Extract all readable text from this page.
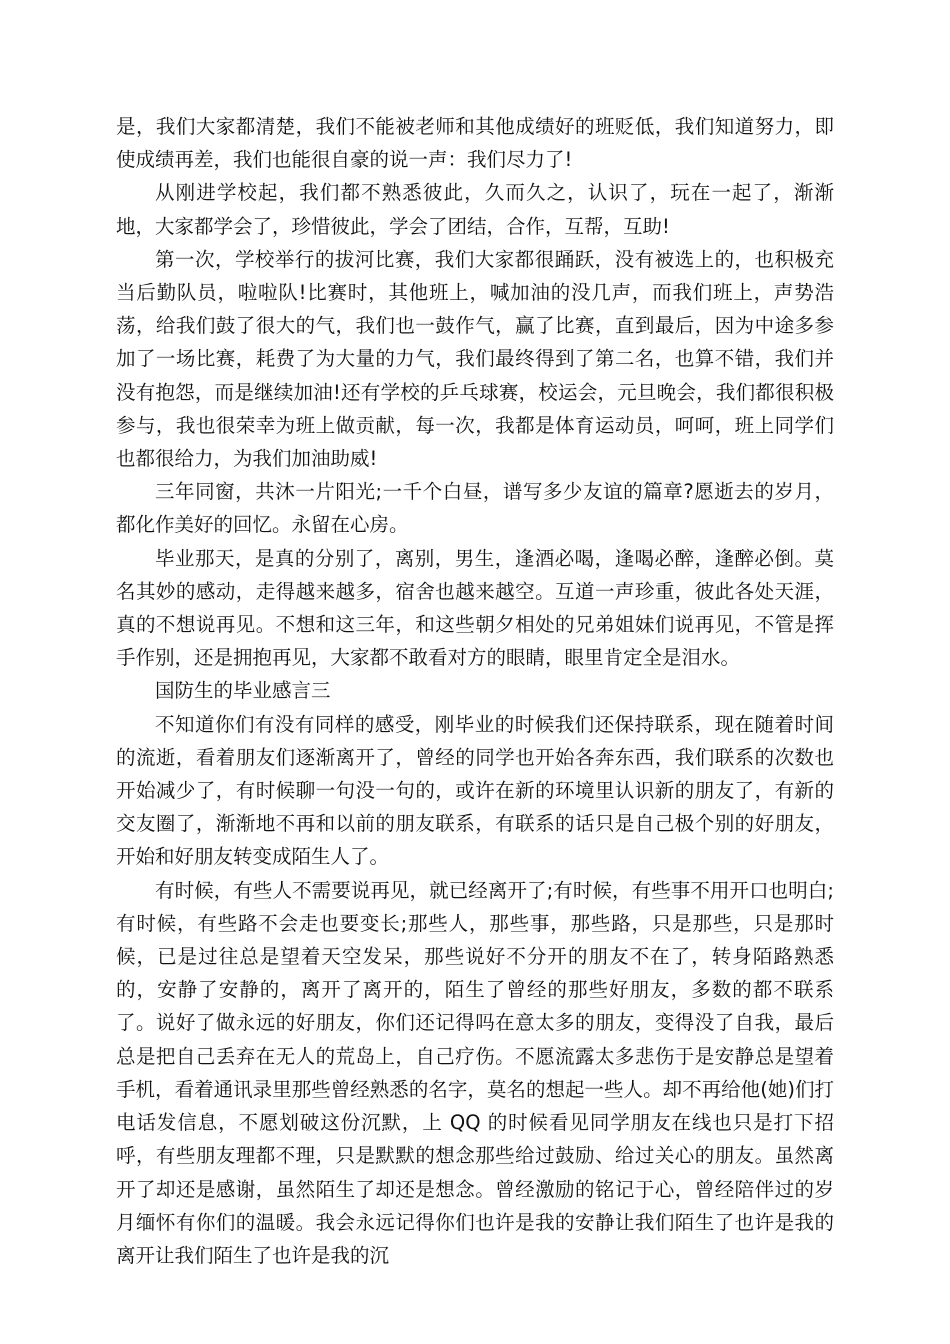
是，我们大家都清楚，我们不能被老师和其他成绩好的班贬低，我们知道努力，即使成绩再差，我们也能很自豪的说一声：我们尽力了!

从刚进学校起，我们都不熟悉彼此，久而久之，认识了，玩在一起了，渐渐地，大家都学会了，珍惜彼此，学会了团结，合作，互帮，互助!

第一次，学校举行的拔河比赛，我们大家都很踊跃，没有被选上的，也积极充当后勤队员，啦啦队!比赛时，其他班上，喊加油的没几声，而我们班上，声势浩荡，给我们鼓了很大的气，我们也一鼓作气，赢了比赛，直到最后，因为中途多参加了一场比赛，耗费了为大量的力气，我们最终得到了第二名，也算不错，我们并没有抱怨，而是继续加油!还有学校的乒乓球赛，校运会，元旦晚会，我们都很积极参与，我也很荣幸为班上做贡献，每一次，我都是体育运动员，呵呵，班上同学们也都很给力，为我们加油助威!

三年同窗，共沐一片阳光;一千个白昼，谱写多少友谊的篇章?愿逝去的岁月，都化作美好的回忆。永留在心房。

毕业那天，是真的分别了，离别，男生，逢酒必喝，逢喝必醉，逢醉必倒。莫名其妙的感动，走得越来越多，宿舍也越来越空。互道一声珍重，彼此各处天涯，真的不想说再见。不想和这三年，和这些朝夕相处的兄弟姐妹们说再见，不管是挥手作别，还是拥抱再见，大家都不敢看对方的眼睛，眼里肯定全是泪水。

国防生的毕业感言三

不知道你们有没有同样的感受，刚毕业的时候我们还保持联系，现在随着时间的流逝，看着朋友们逐渐离开了，曾经的同学也开始各奔东西，我们联系的次数也开始减少了，有时候聊一句没一句的，或许在新的环境里认识新的朋友了，有新的交友圈了，渐渐地不再和以前的朋友联系，有联系的话只是自己极个别的好朋友，开始和好朋友转变成陌生人了。

有时候，有些人不需要说再见，就已经离开了;有时候，有些事不用开口也明白;有时候，有些路不会走也要变长;那些人，那些事，那些路，只是那些，只是那时候，已是过往总是望着天空发呆，那些说好不分开的朋友不在了，转身陌路熟悉的，安静了安静的，离开了离开的，陌生了曾经的那些好朋友，多数的都不联系了。说好了做永远的好朋友，你们还记得吗在意太多的朋友，变得没了自我，最后总是把自己丢弃在无人的荒岛上，自己疗伤。不愿流露太多悲伤于是安静总是望着手机，看着通讯录里那些曾经熟悉的名字，莫名的想起一些人。却不再给他(她)们打电话发信息，不愿划破这份沉默，上 QQ 的时候看见同学朋友在线也只是打下招呼，有些朋友理都不理，只是默默的想念那些给过鼓励、给过关心的朋友。虽然离开了却还是感谢，虽然陌生了却还是想念。曾经激励的铭记于心，曾经陪伴过的岁月缅怀有你们的温暖。我会永远记得你们也许是我的安静让我们陌生了也许是我的离开让我们陌生了也许是我的沉
